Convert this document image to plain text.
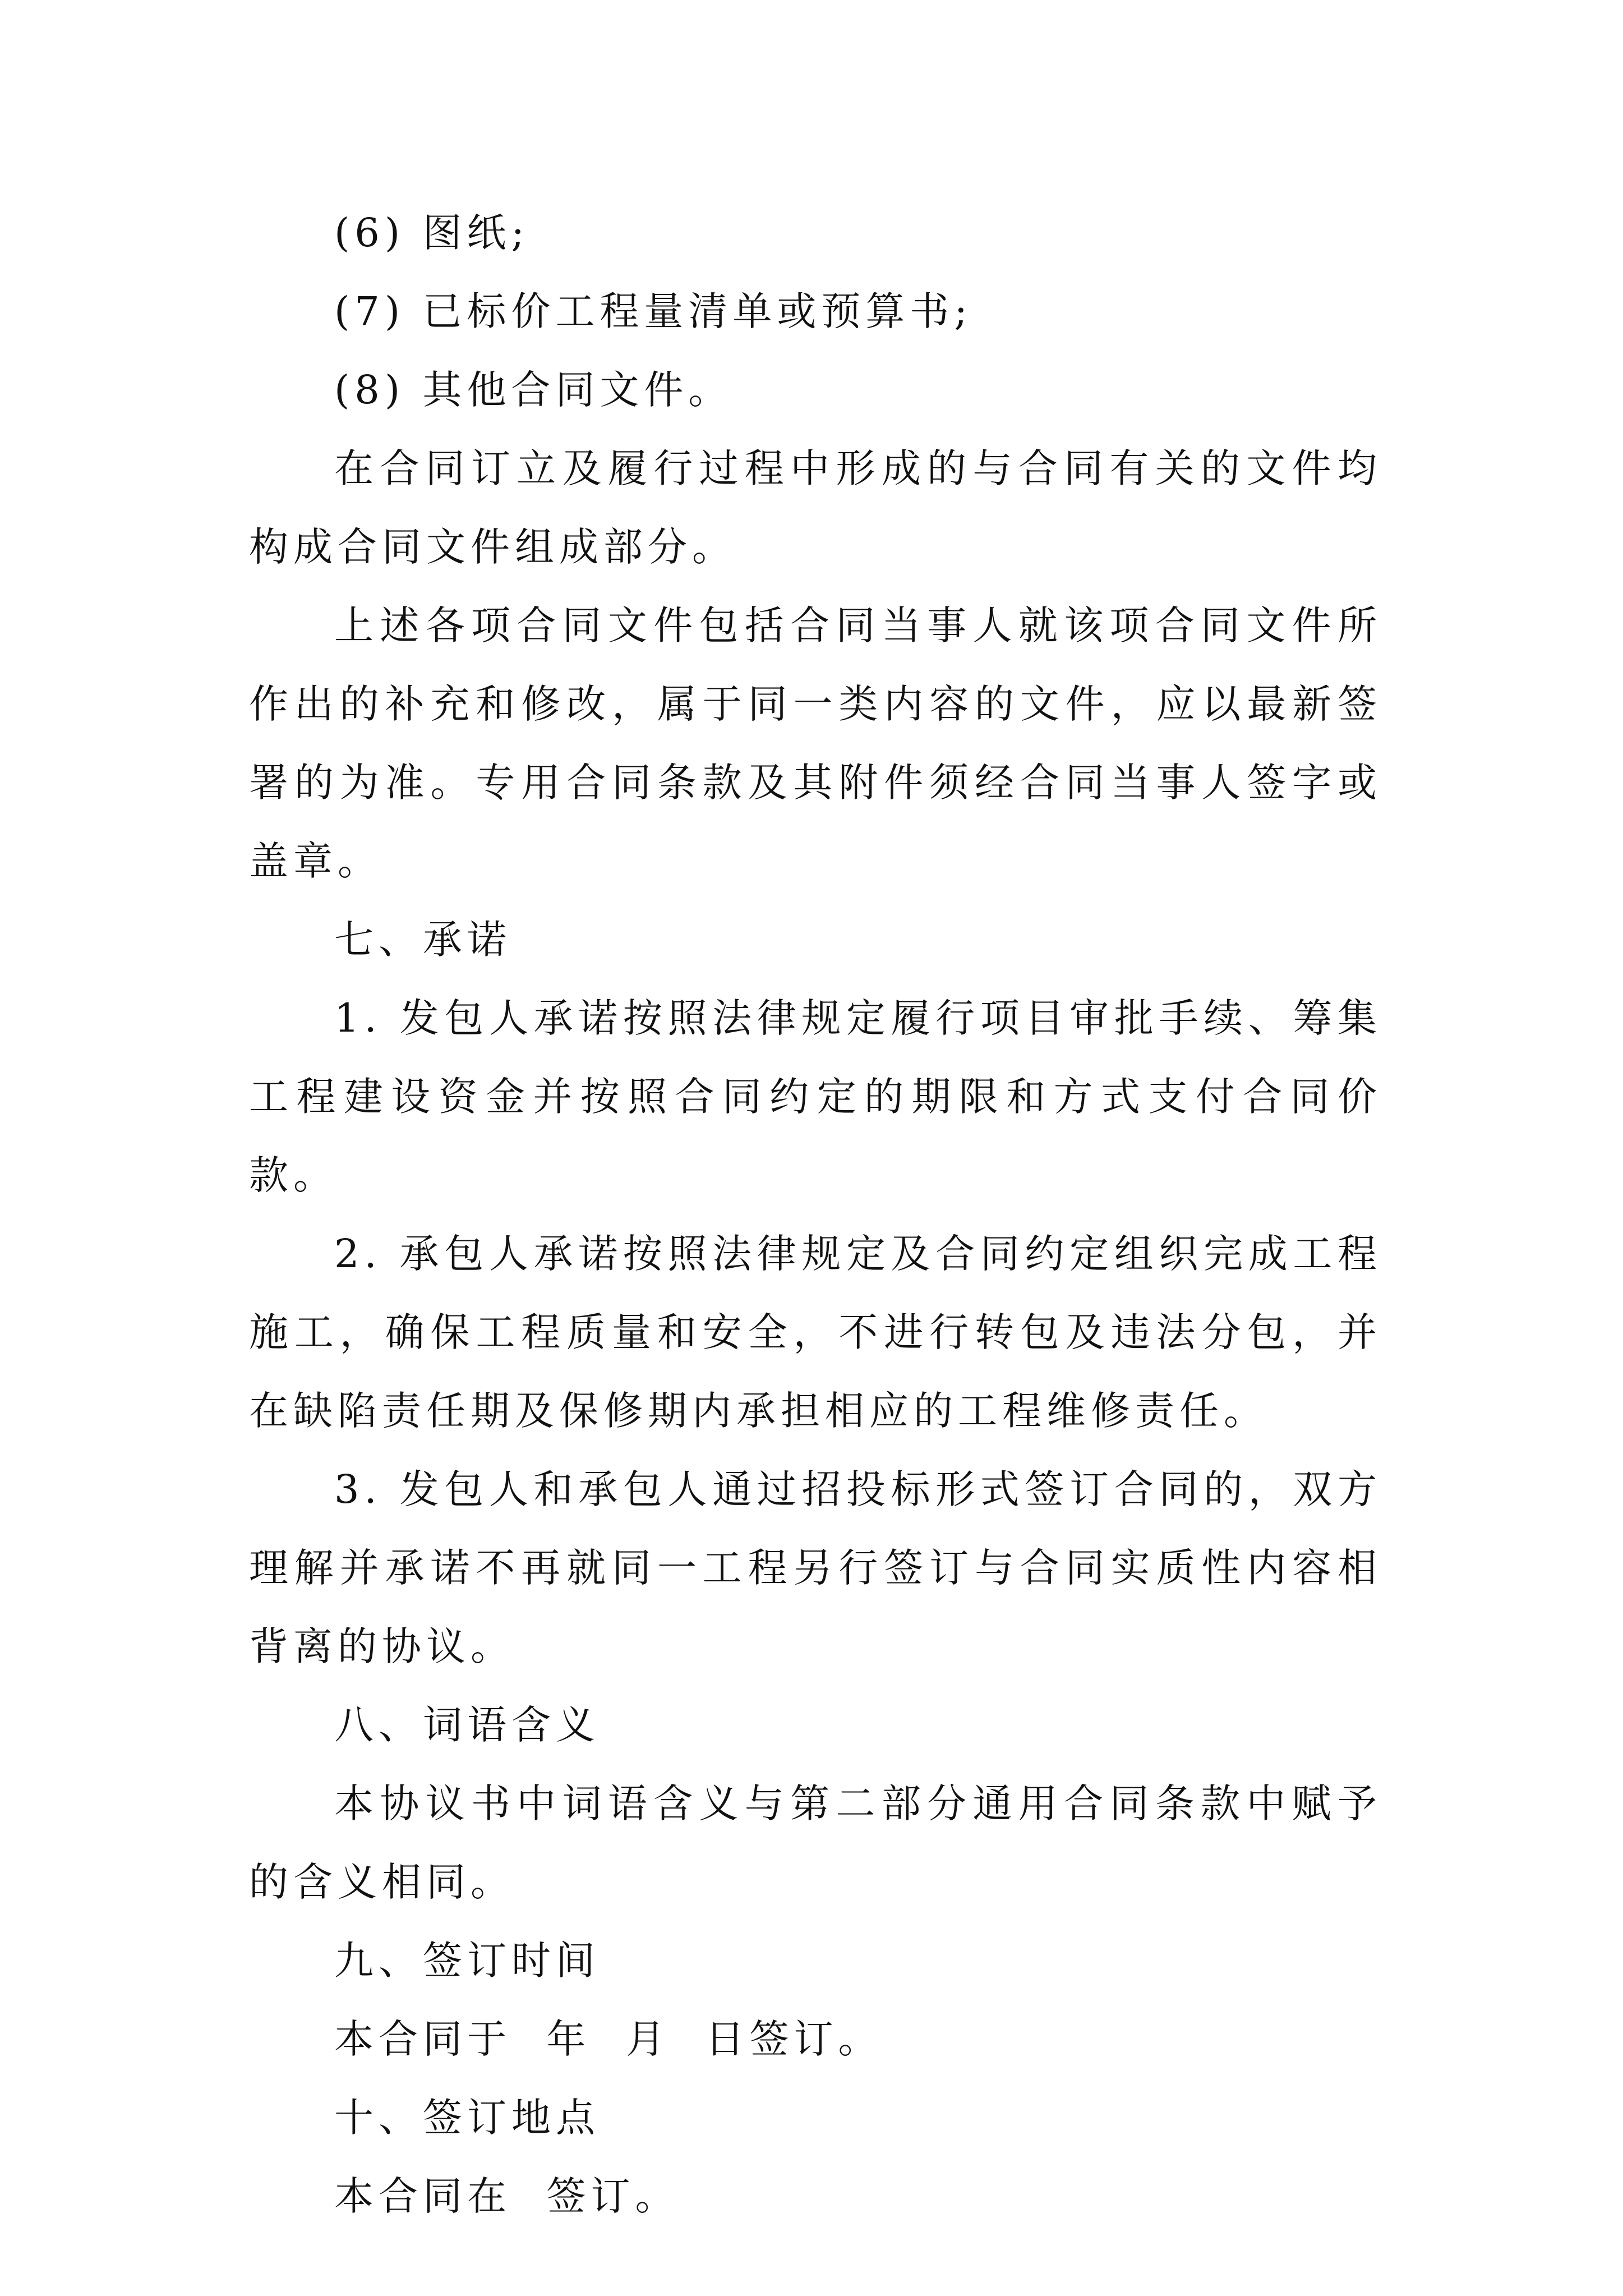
(6) 图纸;

(7) 已标价工程量清单或预算书;

(8) 其他合同文件。

在合同订立及履行过程中形成的与合同有关的文件均构成合同文件组成部分。

上述各项合同文件包括合同当事人就该项合同文件所作出的补充和修改，属于同一类内容的文件，应以最新签署的为准。专用合同条款及其附件须经合同当事人签字或盖章。

七、承诺

1. 发包人承诺按照法律规定履行项目审批手续、筹集工程建设资金并按照合同约定的期限和方式支付合同价款。

2. 承包人承诺按照法律规定及合同约定组织完成工程施工，确保工程质量和安全，不进行转包及违法分包，并在缺陷责任期及保修期内承担相应的工程维修责任。

3. 发包人和承包人通过招投标形式签订合同的，双方理解并承诺不再就同一工程另行签订与合同实质性内容相背离的协议。

八、词语含义

本协议书中词语含义与第二部分通用合同条款中赋予的含义相同。

九、签订时间

本合同于  年  月  日签订。

十、签订地点

本合同在  签订。
